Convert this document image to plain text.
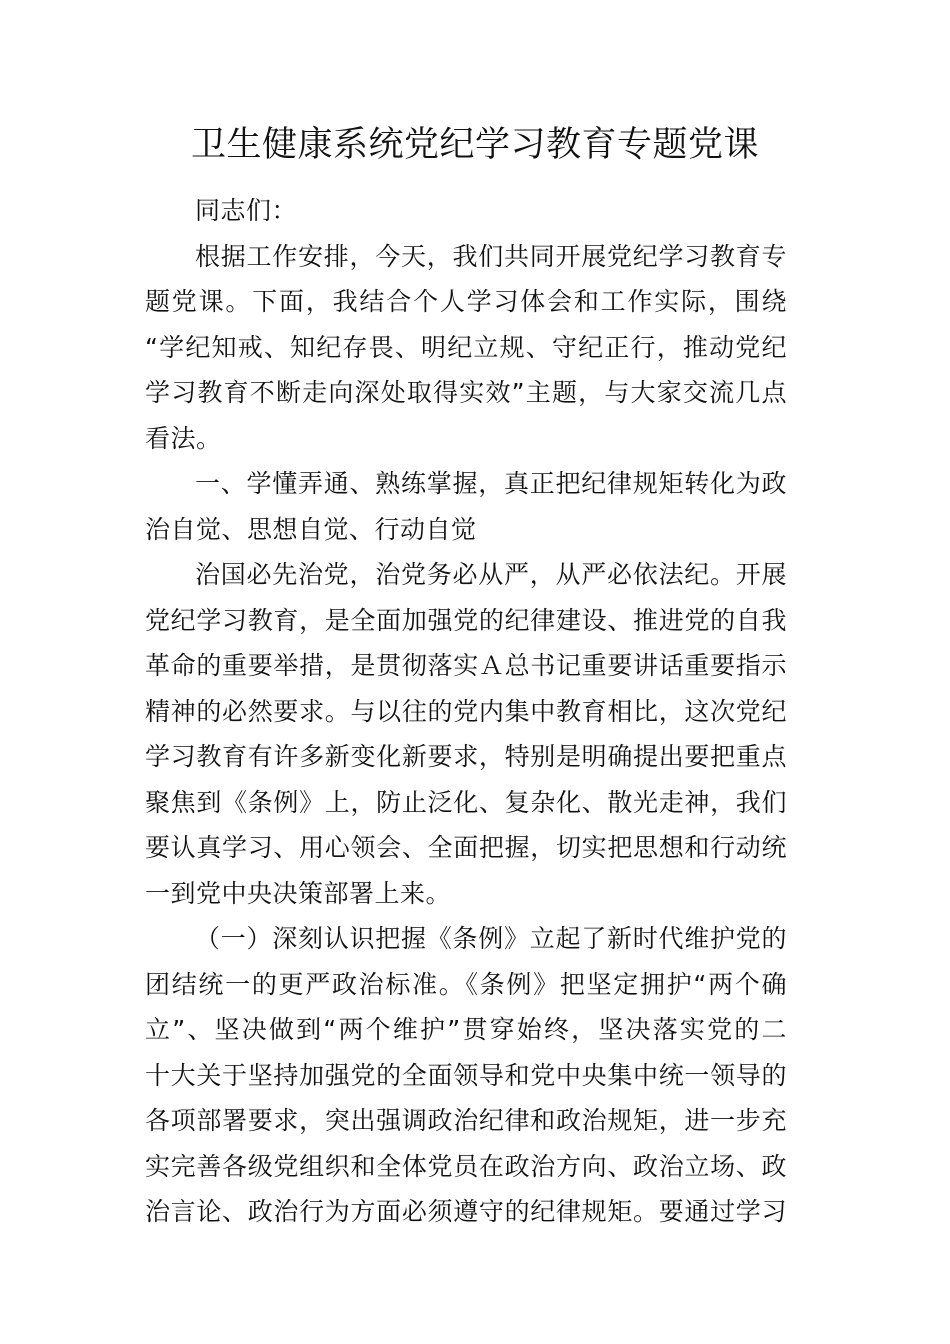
卫生健康系统党纪学习教育专题党课
同志们：
根据工作安排，今天，我们共同开展党纪学习教育专
题党课。下面，我结合个人学习体会和工作实际，围绕
“学纪知戒、知纪存畏、明纪立规、守纪正行，推动党纪
学习教育不断走向深处取得实效”主题，与大家交流几点
看法。
一、学懂弄通、熟练掌握，真正把纪律规矩转化为政
治自觉、思想自觉、行动自觉
治国必先治党，治党务必从严，从严必依法纪。开展
党纪学习教育，是全面加强党的纪律建设、推进党的自我
革命的重要举措，是贯彻落实Ａ总书记重要讲话重要指示
精神的必然要求。与以往的党内集中教育相比，这次党纪
学习教育有许多新变化新要求，特别是明确提出要把重点
聚焦到《条例》上，防止泛化、复杂化、散光走神，我们
要认真学习、用心领会、全面把握，切实把思想和行动统
一到党中央决策部署上来。
（一）深刻认识把握《条例》立起了新时代维护党的
团结统一的更严政治标准。《条例》把坚定拥护“两个确
立”、坚决做到“两个维护”贯穿始终，坚决落实党的二
十大关于坚持加强党的全面领导和党中央集中统一领导的
各项部署要求，突出强调政治纪律和政治规矩，进一步充
实完善各级党组织和全体党员在政治方向、政治立场、政
治言论、政治行为方面必须遵守的纪律规矩。要通过学习
